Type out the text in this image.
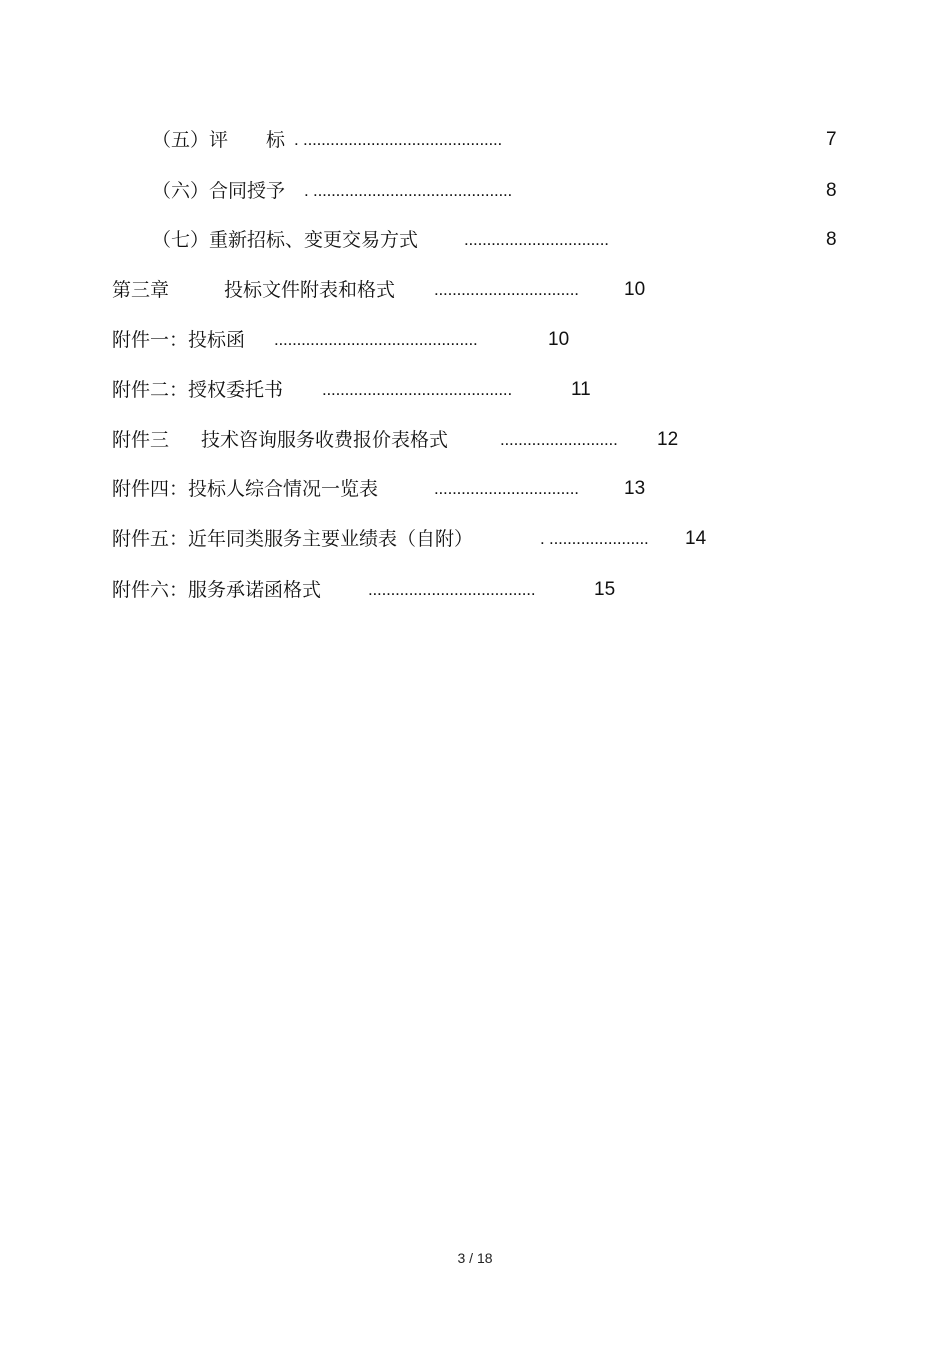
（五）评　　标 . ............................................	7
（六）合同授予 . ............................................	8
（七）重新招标、变更交易方式	................................	8
第三章	投标文件附表和格式 ................................ 10
附件一：投标函 .............................................	10
附件二：授权委托书 ..........................................	11
附件三 技术咨询服务收费报价表格式	.......................... 12
附件四：投标人综合情况一览表	................................ 13
附件五：近年同类服务主要业绩表（自附）	. ...................... 14
附件六：服务承诺函格式	.....................................	15
3 / 18
